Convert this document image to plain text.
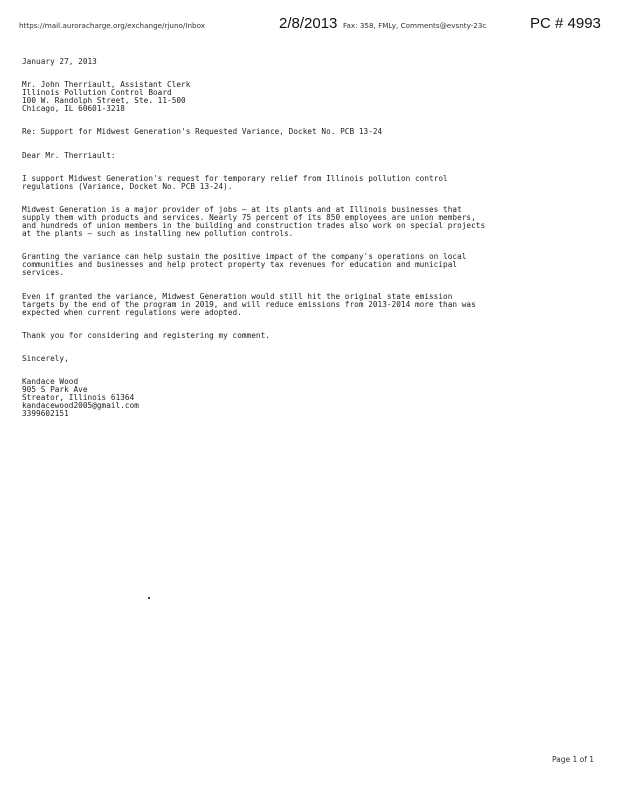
https://mail.auroracharge.org/exchange/rjuno/Inbox	2/8/2013 Fax: 358, FMLy, Comments@evsnty-23c	PC # 4993

January 27, 2013

Mr. John Therriault, Assistant Clerk

Illinois Pollution Control Board

100 W. Randolph Street, Ste. 11-500

Chicago, IL 60601-3218

Re: Support for Midwest Generation's Requested Variance, Docket No. PCB 13-24

Dear Mr. Therriault:

I support Midwest Generation's request for temporary relief from Illinois pollution control
regulations (Variance, Docket No. PCB 13-24).

Midwest Generation is a major provider of jobs — at its plants and at Illinois businesses that
supply them with products and services. Nearly 75 percent of its 850 employees are union members,
and hundreds of union members in the building and construction trades also work on special projects
at the plants – such as installing new pollution controls.

Granting the variance can help sustain the positive impact of the company's operations on local
communities and businesses and help protect property tax revenues for education and municipal
services.

Even if granted the variance, Midwest Generation would still hit the original state emission
targets by the end of the program in 2019, and will reduce emissions from 2013-2014 more than was
expected when current regulations were adopted.

Thank you for considering and registering my comment.

Sincerely,

Kandace Wood

905 S Park Ave

Streator, Illinois 61364

kandacewood2005@gmail.com

3399602151

Page 1 of 1
